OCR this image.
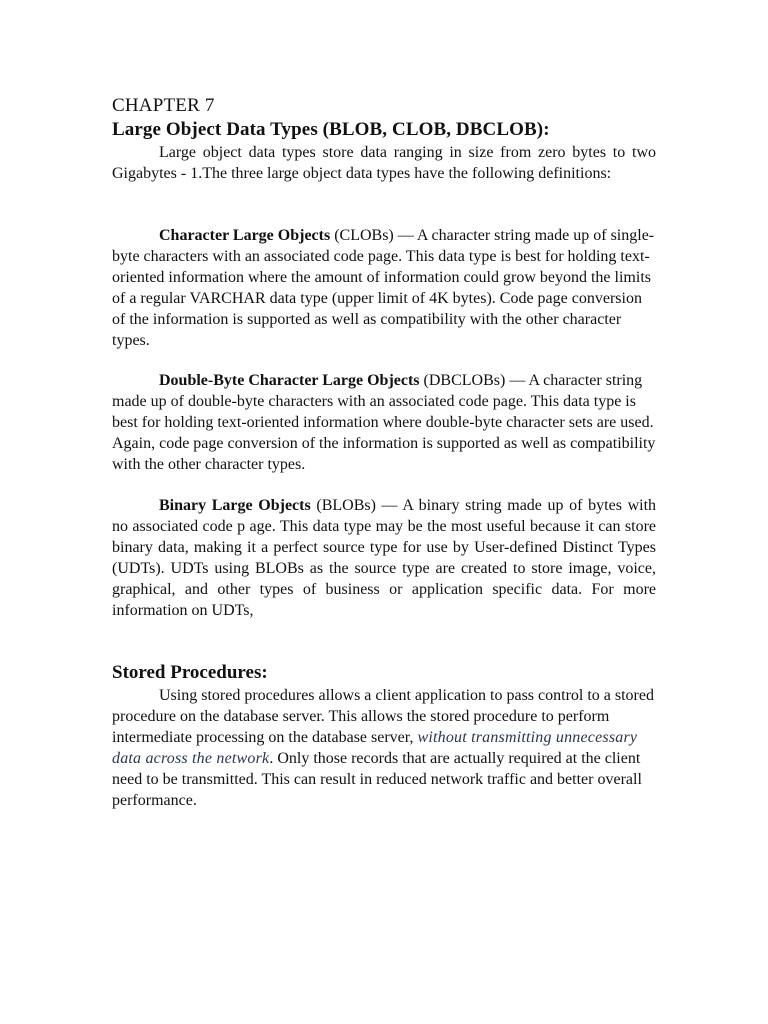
CHAPTER 7
Large Object Data Types (BLOB, CLOB, DBCLOB):

Large object data types store data ranging in size from zero bytes to two Gigabytes - 1.The three large object data types have the following definitions:

Character Large Objects (CLOBs) — A character string made up of single-byte characters with an associated code page. This data type is best for holding text-oriented information where the amount of information could grow beyond the limits of a regular VARCHAR data type (upper limit of 4K bytes). Code page conversion of the information is supported as well as compatibility with the other character types.

Double-Byte Character Large Objects (DBCLOBs) — A character string made up of double-byte characters with an associated code page. This data type is best for holding text-oriented information where double-byte character sets are used. Again, code page conversion of the information is supported as well as compatibility with the other character types.

Binary Large Objects (BLOBs) — A binary string made up of bytes with no associated code p age. This data type may be the most useful because it can store binary data, making it a perfect source type for use by User-defined Distinct Types (UDTs). UDTs using BLOBs as the source type are created to store image, voice, graphical, and other types of business or application specific data. For more information on UDTs,

Stored Procedures:

Using stored procedures allows a client application to pass control to a stored procedure on the database server. This allows the stored procedure to perform intermediate processing on the database server, without transmitting unnecessary data across the network. Only those records that are actually required at the client need to be transmitted. This can result in reduced network traffic and better overall performance.
